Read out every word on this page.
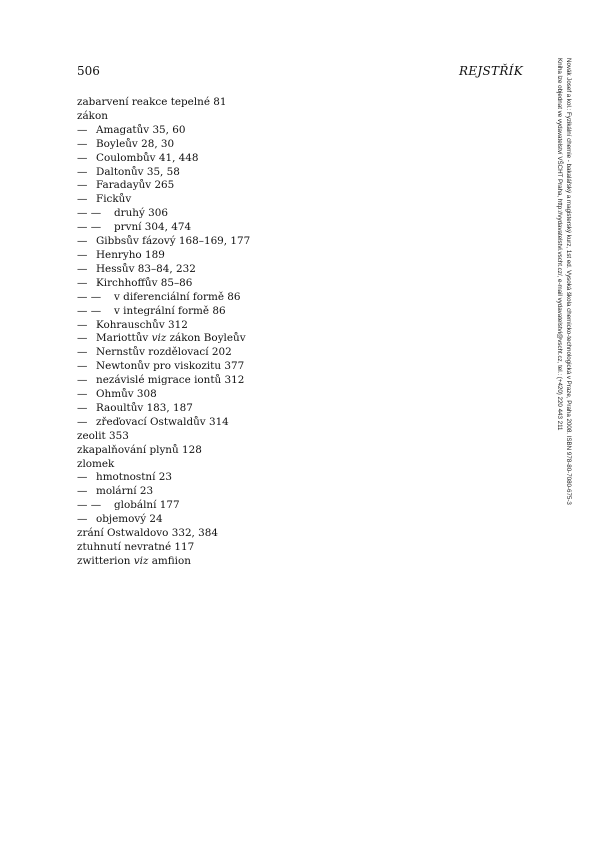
506	REJSTŘÍK
zabarvení reakce tepelné 81
zákon
— Amagatův 35, 60
— Boyleův 28, 30
— Coulombův 41, 448
— Daltonův 35, 58
— Faradayův 265
— Fickův
— — druhý 306
— — první 304, 474
— Gibbsův fázový 168–169, 177
— Henryho 189
— Hessův 83–84, 232
— Kirchhoffův 85–86
— — v diferenciální formě 86
— — v integrální formě 86
— Kohrauschův 312
— Mariottův viz zákon Boyleův
— Nernstův rozdělovací 202
— Newtonův pro viskozitu 377
— nezávislé migrace iontů 312
— Ohmův 308
— Raoultův 183, 187
— zřeďovací Ostwaldův 314
zeolit 353
zkapalňování plynů 128
zlomek
— hmotnostní 23
— molární 23
— — globální 177
— objemový 24
zrání Ostwaldovo 332, 384
ztuhnutí nevratné 117
zwitterion viz amfiion
Novák Josef a kol.: Fyzikální chemie - bakalářský a magisterský kurz, 1st ed. Vysoká škola chemicko-technologická v Praze, Praha 2008. ISBN 978-80-7080-675-3
Kniha lze objednat ve vydavatelství VŠCHT Praha, http://vydavatelstvi.vscht.cz/, e-mail vydavatelstvi@vscht.cz, tel.: (+420) 220 443 211
